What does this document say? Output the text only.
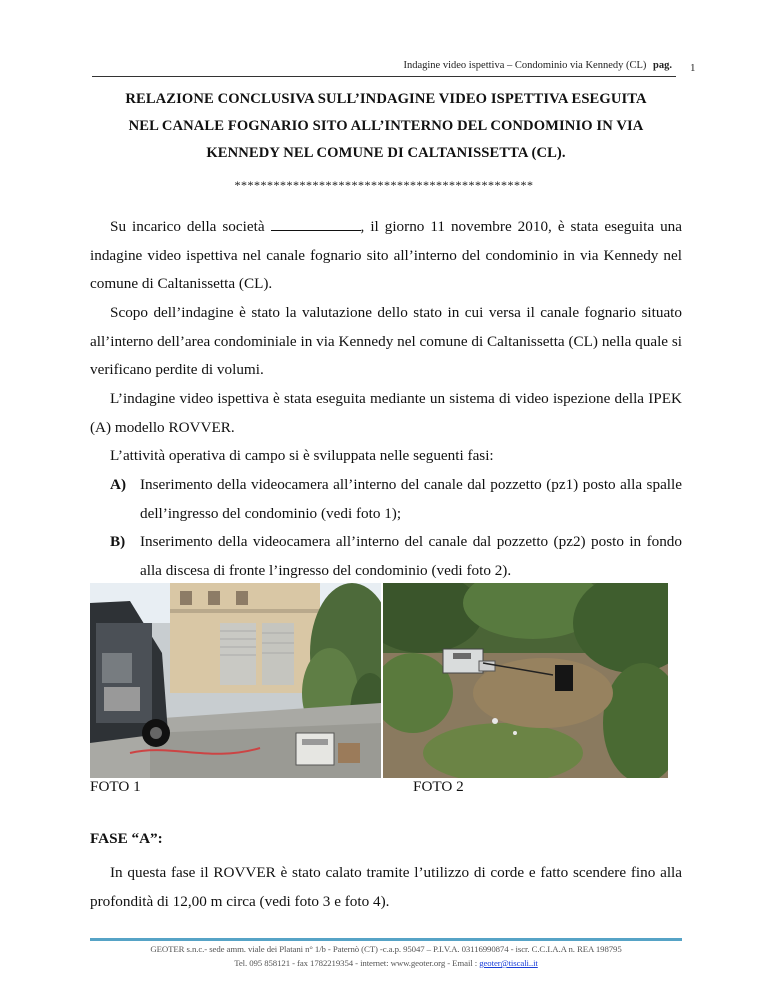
Indagine video ispettiva – Condominio via Kennedy (CL) pag. 1
RELAZIONE CONCLUSIVA SULL’INDAGINE VIDEO ISPETTIVA ESEGUITA
NEL CANALE FOGNARIO SITO ALL’INTERNO DEL CONDOMINIO IN VIA
KENNEDY NEL COMUNE DI CALTANISSETTA (CL).
**********************************************
Su incarico della società	, il giorno 11 novembre 2010, è stata eseguita una indagine video ispettiva nel canale fognario sito all’interno del condominio in via Kennedy nel comune di Caltanissetta (CL).
Scopo dell’indagine è stato la valutazione dello stato in cui versa il canale fognario situato all’interno dell’area condominiale in via Kennedy nel comune di Caltanissetta (CL) nella quale si verificano perdite di volumi.
L’indagine video ispettiva è stata eseguita mediante un sistema di video ispezione della IPEK (A) modello ROVVER.
L’attività operativa di campo si è sviluppata nelle seguenti fasi:
A) Inserimento della videocamera all’interno del canale dal pozzetto (pz1) posto alla spalle dell’ingresso del condominio (vedi foto 1);
B) Inserimento della videocamera all’interno del canale dal pozzetto (pz2) posto in fondo alla discesa di fronte l’ingresso del condominio (vedi foto 2).
FOTO 1	FOTO 2
FASE “A”:
In questa fase il ROVVER è stato calato tramite l’utilizzo di corde e fatto scendere fino alla profondità di 12,00 m circa (vedi foto 3 e foto 4).
GEOTER s.n.c.- sede amm. viale dei Platani n° 1/b - Paternò (CT) -c.a.p. 95047 – P.I.V.A. 03116990874 - iscr. C.C.I.A.A n. REA 198795
Tel. 095 858121 - fax 1782219354 - internet: www.geoter.org - Email : geoter@tiscali..it
